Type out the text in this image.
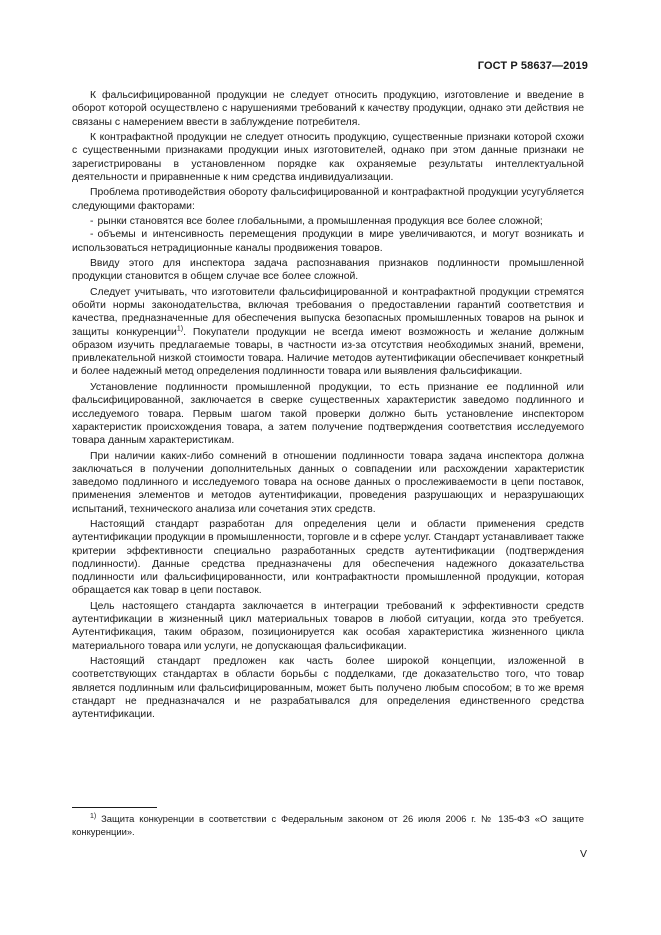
ГОСТ Р 58637—2019

К фальсифицированной продукции не следует относить продукцию, изготовление и введение в оборот которой осуществлено с нарушениями требований к качеству продукции, однако эти действия не связаны с намерением ввести в заблуждение потребителя.

К контрафактной продукции не следует относить продукцию, существенные признаки которой схожи с существенными признаками продукции иных изготовителей, однако при этом данные признаки не зарегистрированы в установленном порядке как охраняемые результаты интеллектуальной деятельности и приравненные к ним средства индивидуализации.

Проблема противодействия обороту фальсифицированной и контрафактной продукции усугубляется следующими факторами:

- рынки становятся все более глобальными, а промышленная продукция все более сложной;
- объемы и интенсивность перемещения продукции в мире увеличиваются, и могут возникать и использоваться нетрадиционные каналы продвижения товаров.

Ввиду этого для инспектора задача распознавания признаков подлинности промышленной продукции становится в общем случае все более сложной.

Следует учитывать, что изготовители фальсифицированной и контрафактной продукции стремятся обойти нормы законодательства, включая требования о предоставлении гарантий соответствия и качества, предназначенные для обеспечения выпуска безопасных промышленных товаров на рынок и защиты конкуренции$^{1)}$. Покупатели продукции не всегда имеют возможность и желание должным образом изучить предлагаемые товары, в частности из-за отсутствия необходимых знаний, времени, привлекательной низкой стоимости товара. Наличие методов аутентификации обеспечивает конкретный и более надежный метод определения подлинности товара или выявления фальсификации.

Установление подлинности промышленной продукции, то есть признание ее подлинной или фальсифицированной, заключается в сверке существенных характеристик заведомо подлинного и исследуемого товара. Первым шагом такой проверки должно быть установление инспектором характеристик происхождения товара, а затем получение подтверждения соответствия исследуемого товара данным характеристикам.

При наличии каких-либо сомнений в отношении подлинности товара задача инспектора должна заключаться в получении дополнительных данных о совпадении или расхождении характеристик заведомо подлинного и исследуемого товара на основе данных о прослеживаемости в цепи поставок, применения элементов и методов аутентификации, проведения разрушающих и неразрушающих испытаний, технического анализа или сочетания этих средств.

Настоящий стандарт разработан для определения цели и области применения средств аутентификации продукции в промышленности, торговле и в сфере услуг. Стандарт устанавливает также критерии эффективности специально разработанных средств аутентификации (подтверждения подлинности). Данные средства предназначены для обеспечения надежного доказательства подлинности или фальсифицированности, или контрафактности промышленной продукции, которая обращается как товар в цепи поставок.

Цель настоящего стандарта заключается в интеграции требований к эффективности средств аутентификации в жизненный цикл материальных товаров в любой ситуации, когда это требуется. Аутентификация, таким образом, позиционируется как особая характеристика жизненного цикла материального товара или услуги, не допускающая фальсификации.

Настоящий стандарт предложен как часть более широкой концепции, изложенной в соответствующих стандартах в области борьбы с подделками, где доказательство того, что товар является подлинным или фальсифицированным, может быть получено любым способом; в то же время стандарт не предназначался и не разрабатывался для определения единственного средства аутентификации.

$^{1)}$ Защита конкуренции в соответствии с Федеральным законом от 26 июля 2006 г. № 135-ФЗ «О защите конкуренции».
V
